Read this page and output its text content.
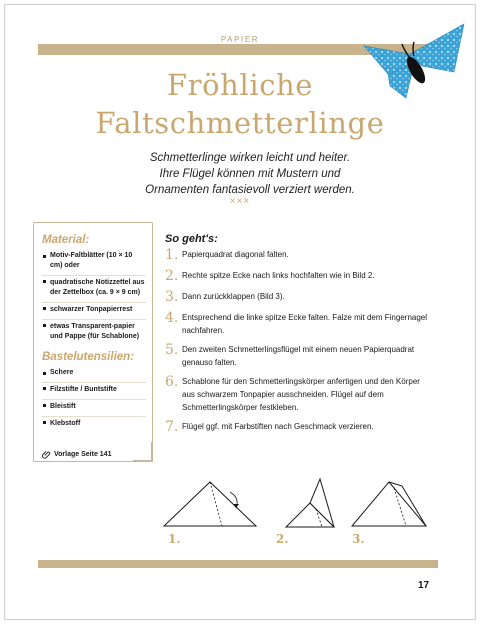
PAPIER
Fröhliche
Faltschmetterlinge
Schmetterlinge wirken leicht und heiter.
Ihre Flügel können mit Mustern und
Ornamenten fantasievoll verziert werden.
×××

Material:

Motiv-Faltblätter (10 × 10 cm) oder
quadratische Notizzettel aus der Zettelbox (ca. 9 × 9 cm)
schwarzer Tonpapierrest
etwas Transparent-papier und Pappe (für Schablone)

Bastelutensilien:

Schere
Filzstifte / Buntstifte
Bleistift
Klebstoff
Vorlage Seite 141
So geht's:
1. Papierquadrat diagonal falten.
2. Rechte spitze Ecke nach links hochfalten wie in Bild 2.
3. Dann zurückklappen (Bild 3).
4. Entsprechend die linke spitze Ecke falten. Falze mit dem Fingernagel nachfahren.
5. Den zweiten Schmetterlingsflügel mit einem neuen Papierquadrat genauso falten.
6. Schablone für den Schmetterlingskörper anfertigen und den Körper aus schwarzem Tonpapier ausschneiden. Flügel auf dem Schmetterlingskörper festkleben.
7. Flügel ggf. mit Farbstiften nach Geschmack verzieren.
1.	2.	3.
17
